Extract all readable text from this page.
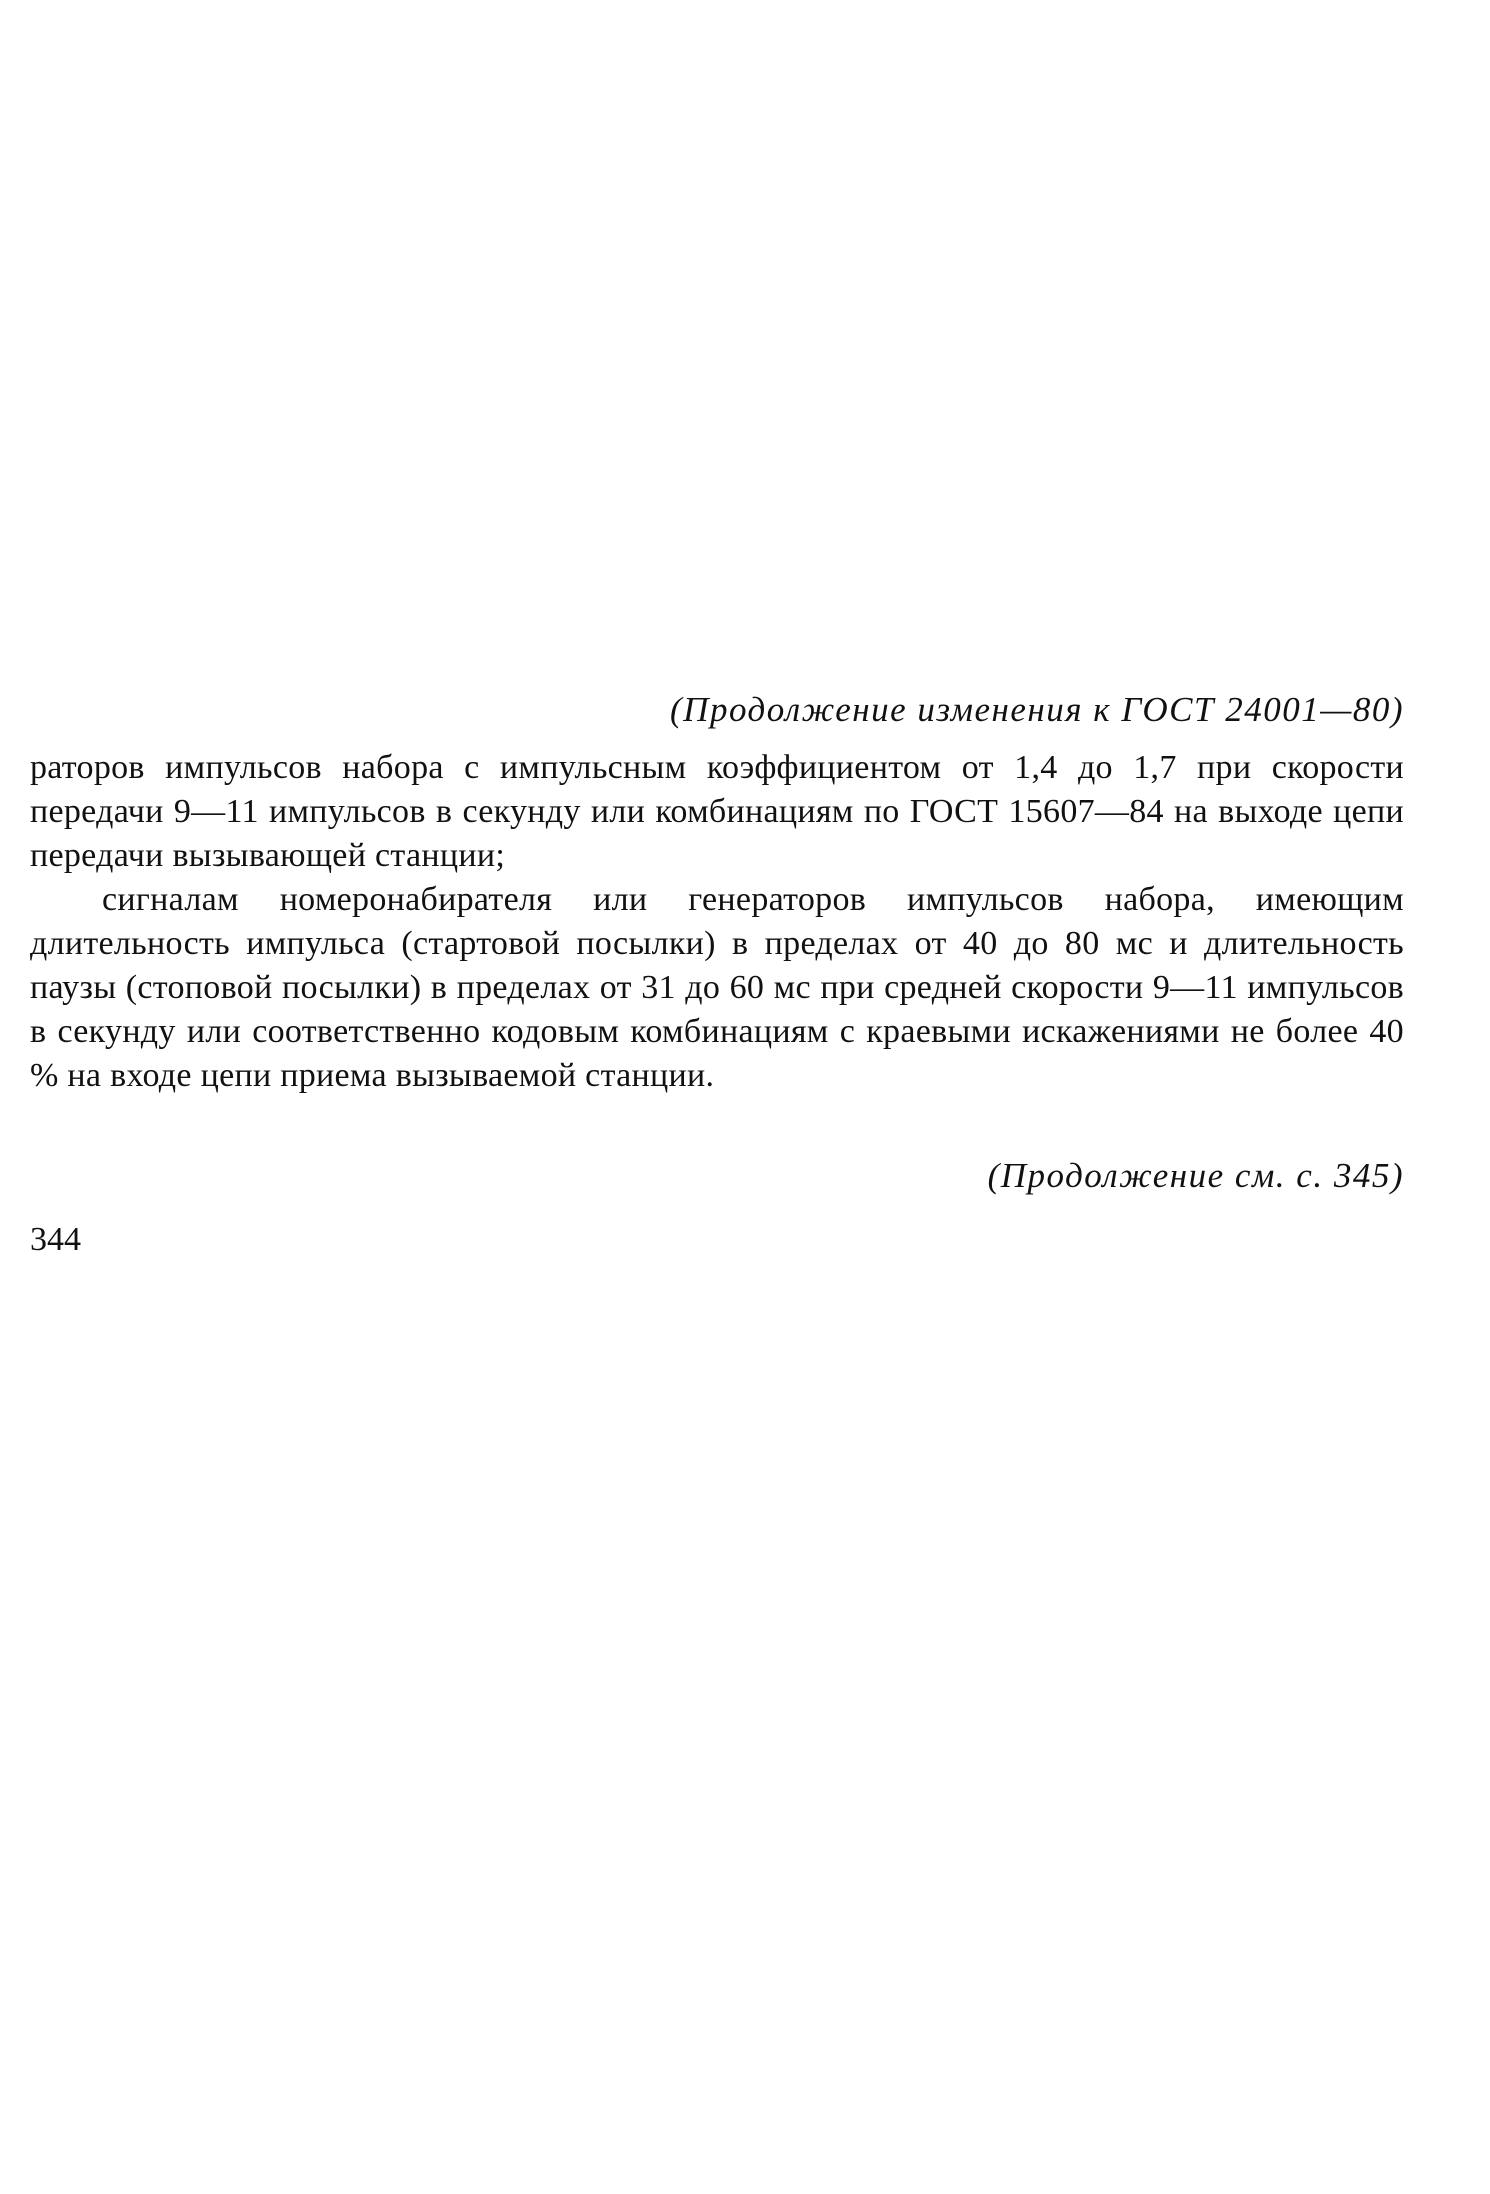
(Продолжение изменения к ГОСТ 24001—80)

раторов импульсов набора с импульсным коэффициентом от 1,4 до 1,7 при скорости передачи 9—11 импульсов в секунду или комбинациям по ГОСТ 15607—84 на выходе цепи передачи вызывающей станции;

сигналам номеронабирателя или генераторов импульсов набора, имеющим длительность импульса (стартовой посылки) в пределах от 40 до 80 мс и длительность паузы (стоповой посылки) в пределах от 31 до 60 мс при средней скорости 9—11 импульсов в секунду или соответственно кодовым комбинациям с краевыми искажениями не более 40 % на входе цепи приема вызываемой станции.

(Продолжение см. с. 345)
344
